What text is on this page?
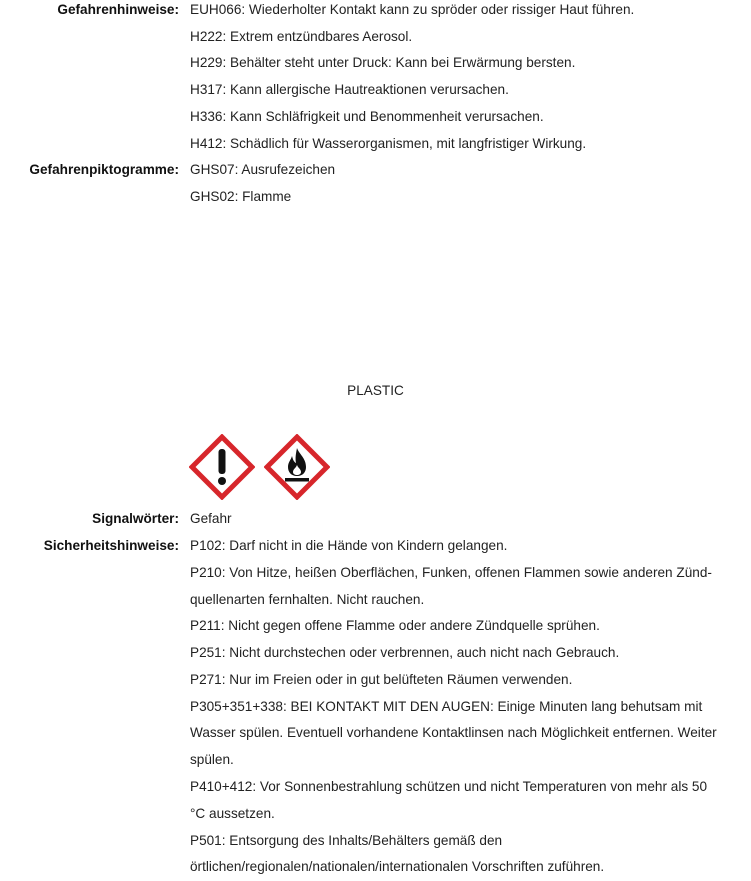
Gefahrenhinweise: EUH066: Wiederholter Kontakt kann zu spröder oder rissiger Haut führen.
H222: Extrem entzündbares Aerosol.
H229: Behälter steht unter Druck: Kann bei Erwärmung bersten.
H317: Kann allergische Hautreaktionen verursachen.
H336: Kann Schläfrigkeit und Benommenheit verursachen.
H412: Schädlich für Wasserorganismen, mit langfristiger Wirkung.
Gefahrenpiktogramme: GHS07: Ausrufezeichen
GHS02: Flamme
PLASTIC
Signalwörter: Gefahr
Sicherheitshinweise: P102: Darf nicht in die Hände von Kindern gelangen.
P210: Von Hitze, heißen Oberflächen, Funken, offenen Flammen sowie anderen Zünd-
quellenarten fernhalten. Nicht rauchen.
P211: Nicht gegen offene Flamme oder andere Zündquelle sprühen.
P251: Nicht durchstechen oder verbrennen, auch nicht nach Gebrauch.
P271: Nur im Freien oder in gut belüfteten Räumen verwenden.
P305+351+338: BEI KONTAKT MIT DEN AUGEN: Einige Minuten lang behutsam mit
Wasser spülen. Eventuell vorhandene Kontaktlinsen nach Möglichkeit entfernen. Weiter
spülen.
P410+412: Vor Sonnenbestrahlung schützen und nicht Temperaturen von mehr als 50
°C aussetzen.
P501: Entsorgung des Inhalts/Behälters gemäß den
örtlichen/regionalen/nationalen/internationalen Vorschriften zuführen.
